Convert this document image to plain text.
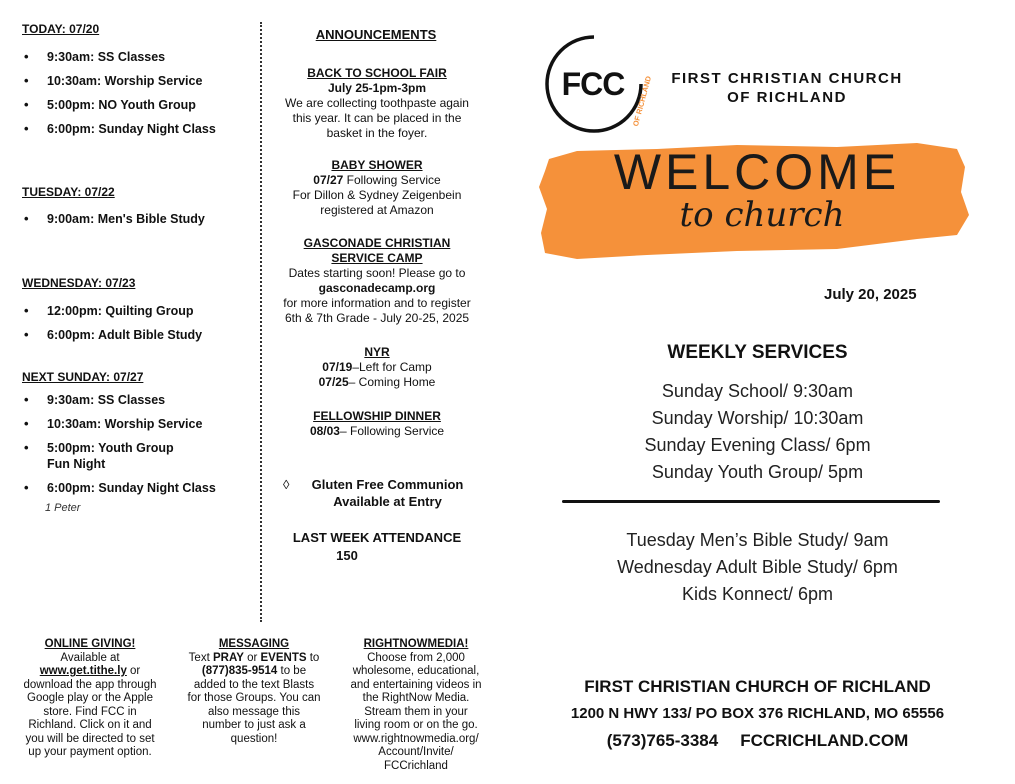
TODAY: 07/20
• 9:30am: SS Classes
• 10:30am: Worship Service
• 5:00pm: NO Youth Group
• 6:00pm: Sunday Night Class
TUESDAY: 07/22
• 9:00am: Men's Bible Study
WEDNESDAY: 07/23
• 12:00pm: Quilting Group
• 6:00pm: Adult Bible Study
NEXT SUNDAY: 07/27
• 9:30am: SS Classes
• 10:30am: Worship Service
• 5:00pm: Youth Group
Fun Night
• 6:00pm: Sunday Night Class
1 Peter
ANNOUNCEMENTS
BACK TO SCHOOL FAIR
July 25-1pm-3pm
We are collecting toothpaste again
this year. It can be placed in the
basket in the foyer.
BABY SHOWER
07/27 Following Service
For Dillon & Sydney Zeigenbein
registered at Amazon
GASCONADE CHRISTIAN
SERVICE CAMP
Dates starting soon! Please go to
gasconadecamp.org
for more information and to register
6th & 7th Grade - July 20-25, 2025
NYR
07/19–Left for Camp
07/25– Coming Home
FELLOWSHIP DINNER
08/03– Following Service
◊	Gluten Free Communion
Available at Entry
LAST WEEK ATTENDANCE
150
ONLINE GIVING!
Available at
www.get.tithe.ly or
download the app through
Google play or the Apple
store. Find FCC in
Richland. Click on it and
you will be directed to set
up your payment option.
MESSAGING
Text PRAY or EVENTS to
(877)835-9514 to be
added to the text Blasts
for those Groups. You can
also message this
number to just ask a
question!
RIGHTNOWMEDIA!
Choose from 2,000
wholesome, educational,
and entertaining videos in
the RightNow Media.
Stream them in your
living room or on the go.
www.rightnowmedia.org/
Account/Invite/
FCCrichland
FCC OF RICHLAND	FIRST CHRISTIAN CHURCH
OF RICHLAND
WELCOME
to church
July 20, 2025
WEEKLY SERVICES
Sunday School/ 9:30am
Sunday Worship/ 10:30am
Sunday Evening Class/ 6pm
Sunday Youth Group/ 5pm
Tuesday Men’s Bible Study/ 9am
Wednesday Adult Bible Study/ 6pm
Kids Konnect/ 6pm
FIRST CHRISTIAN CHURCH OF RICHLAND
1200 N HWY 133/ PO BOX 376 RICHLAND, MO 65556
(573)765-3384 FCCRICHLAND.COM
